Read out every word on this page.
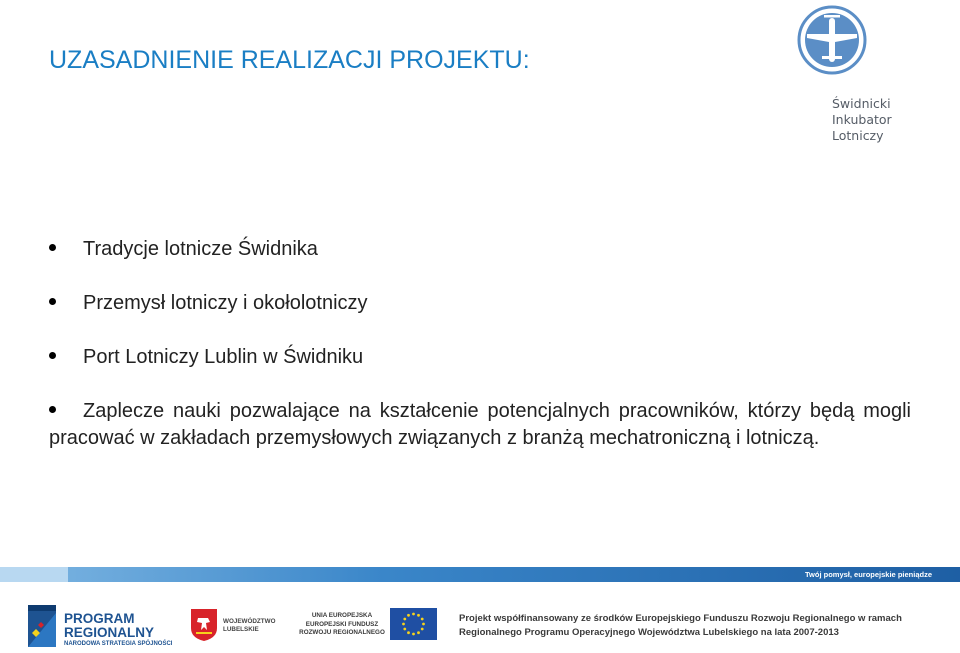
UZASADNIENIE REALIZACJI PROJEKTU:
Świdnicki
Inkubator
Lotniczy
Tradycje lotnicze Świdnika
Przemysł lotniczy i okołolotniczy
Port Lotniczy Lublin w Świdniku
Zaplecze nauki pozwalające na kształcenie potencjalnych pracowników, którzy będą mogli pracować w zakładach przemysłowych związanych z branżą mechatroniczną i lotniczą.
Twój pomysł, europejskie pieniądze
PROGRAM
REGIONALNY
NARODOWA STRATEGIA SPÓJNOŚCI
WOJEWÓDZTWO
LUBELSKIE
UNIA EUROPEJSKA
EUROPEJSKI FUNDUSZ
ROZWOJU REGIONALNEGO
Projekt współfinansowany ze środków Europejskiego Funduszu Rozwoju Regionalnego w ramach
Regionalnego Programu Operacyjnego Województwa Lubelskiego na lata 2007-2013
